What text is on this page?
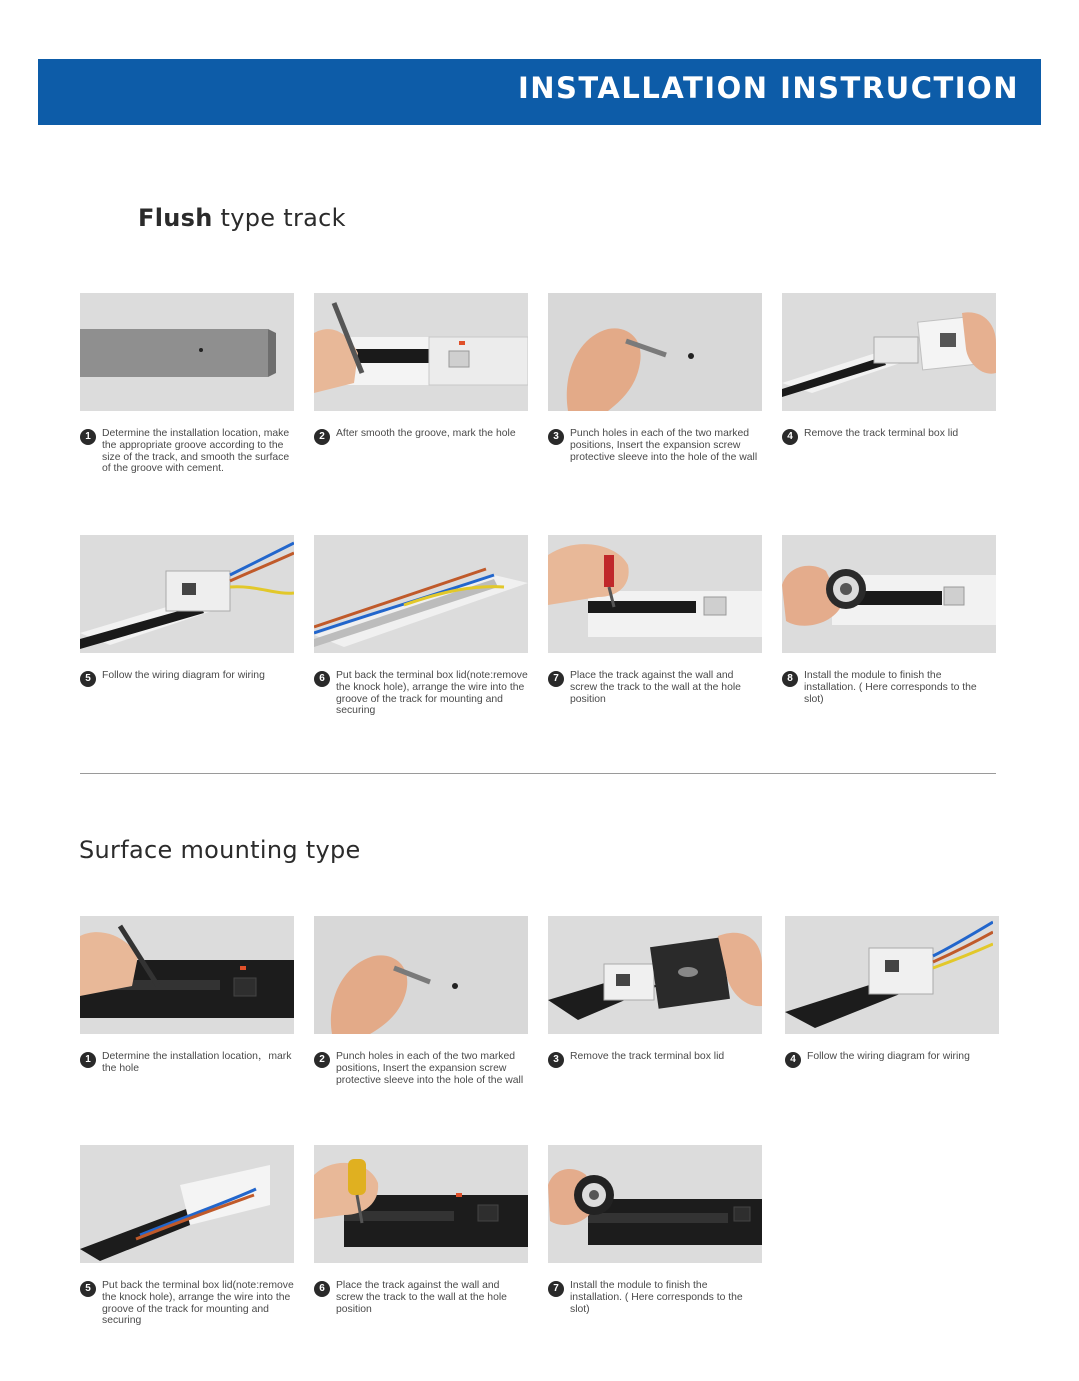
INSTALLATION INSTRUCTION
Flush type track
1	Determine the installation location, make the appropriate groove according to the size of the track, and smooth the surface of the groove with cement.
2	After smooth the groove, mark the hole	3	Punch holes in each of the two marked positions, Insert the expansion screw protective sleeve into the hole of the wall
4	Remove the track terminal box lid
5	Follow the wiring diagram for wiring	6	Put back the terminal box lid(note:remove the knock hole), arrange the wire into the groove of the track for mounting and securing
7	Place the track against the wall and screw the track to the wall at the hole position
8	Install the module to finish the installation. ( Here corresponds to the slot)
Surface mounting type
1	Determine the installation location，mark the hole
2	Punch holes in each of the two marked positions, Insert the expansion screw protective sleeve into the hole of the wall
3	Remove the track terminal box lid	4	Follow the wiring diagram for wiring
5	Put back the terminal box lid(note:remove the knock hole), arrange the wire into the groove of the track for mounting and securing
6	Place the track against the wall and screw the track to the wall at the hole position
7	Install the module to finish the installation. ( Here corresponds to the slot)
